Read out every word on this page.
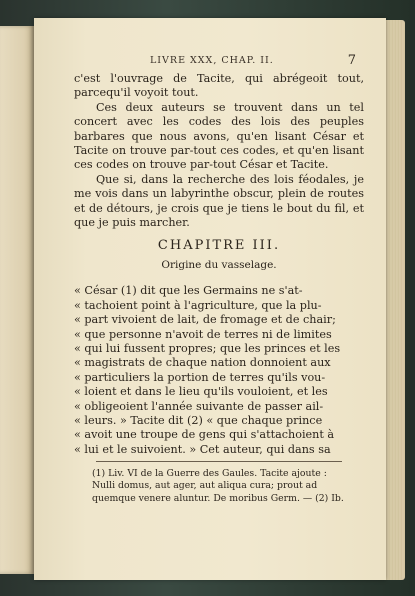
LIVRE XXX, CHAP. II.	7

c'est l'ouvrage de Tacite, qui abrégeoit tout, parcequ'il voyoit tout.

Ces deux auteurs se trouvent dans un tel concert avec les codes des lois des peuples barbares que nous avons, qu'en lisant César et Tacite on trouve par-tout ces codes, et qu'en lisant ces codes on trouve par-tout César et Tacite.

Que si, dans la recherche des lois féodales, je me vois dans un labyrinthe obscur, plein de routes et de détours, je crois que je tiens le bout du fil, et que je puis marcher.

CHAPITRE III.
Origine du vasselage.
« César (1) dit que les Germains ne s'at-
« tachoient point à l'agriculture, que la plu-
« part vivoient de lait, de fromage et de chair;
« que personne n'avoit de terres ni de limites
« qui lui fussent propres; que les princes et les
« magistrats de chaque nation donnoient aux
« particuliers la portion de terres qu'ils vou-
« loient et dans le lieu qu'ils vouloient, et les
« obligeoient l'année suivante de passer ail-
« leurs. » Tacite dit (2) « que chaque prince
« avoit une troupe de gens qui s'attachoient à
« lui et le suivoient. » Cet auteur, qui dans sa
(1) Liv. VI de la Guerre des Gaules. Tacite ajoute :
Nulli domus, aut ager, aut aliqua cura; prout ad
quemque venere aluntur. De moribus Germ. — (2) Ib.
